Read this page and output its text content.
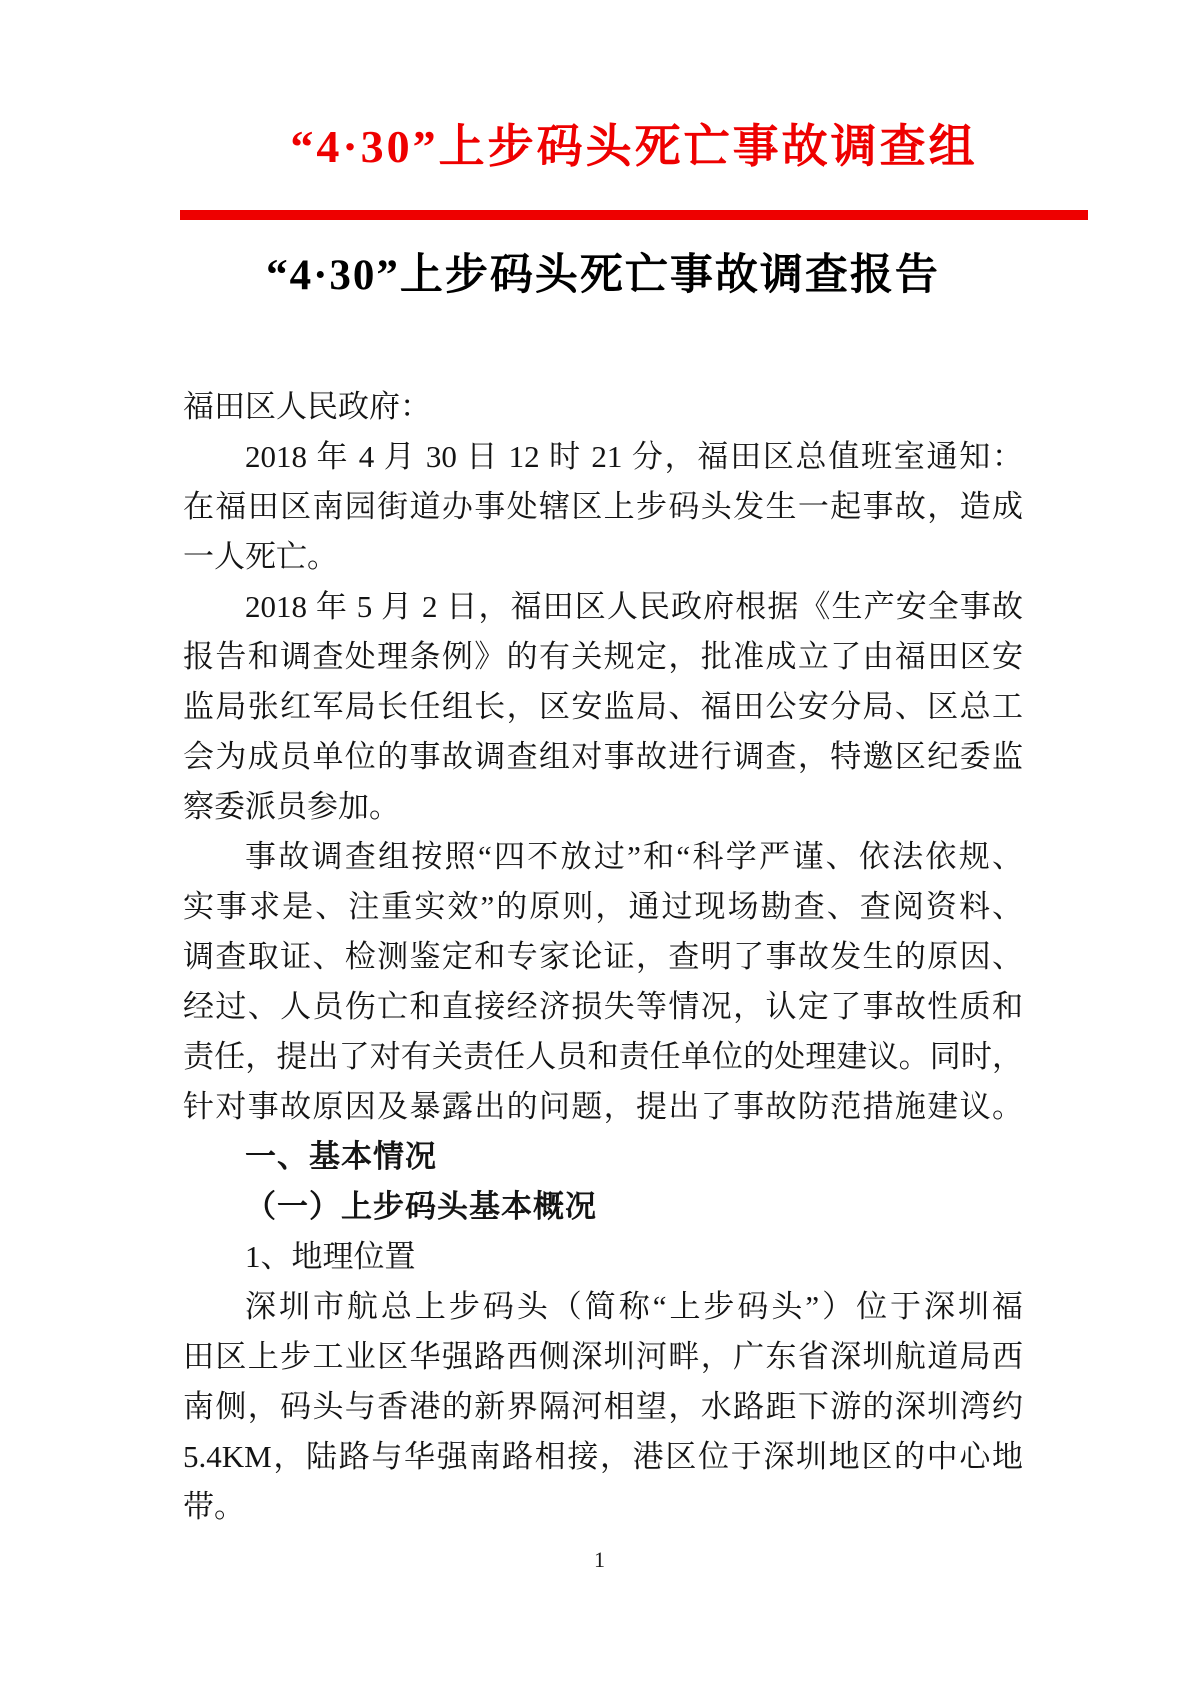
“4·30”上步码头死亡事故调查组
“4·30”上步码头死亡事故调查报告
福田区人民政府：
2018 年 4 月 30 日 12 时 21 分，福田区总值班室通知：
在福田区南园街道办事处辖区上步码头发生一起事故，造成
一人死亡。
2018 年 5 月 2 日，福田区人民政府根据《生产安全事故
报告和调查处理条例》的有关规定，批准成立了由福田区安
监局张红军局长任组长，区安监局、福田公安分局、区总工
会为成员单位的事故调查组对事故进行调查，特邀区纪委监
察委派员参加。
事故调查组按照“四不放过”和“科学严谨、依法依规、
实事求是、注重实效”的原则，通过现场勘查、查阅资料、
调查取证、检测鉴定和专家论证，查明了事故发生的原因、
经过、人员伤亡和直接经济损失等情况，认定了事故性质和
责任，提出了对有关责任人员和责任单位的处理建议。同时，
针对事故原因及暴露出的问题，提出了事故防范措施建议。
一、基本情况
（一）上步码头基本概况
1、地理位置
深圳市航总上步码头（简称“上步码头”）位于深圳福
田区上步工业区华强路西侧深圳河畔，广东省深圳航道局西
南侧，码头与香港的新界隔河相望，水路距下游的深圳湾约
5.4KM，陆路与华强南路相接，港区位于深圳地区的中心地
带。
1
